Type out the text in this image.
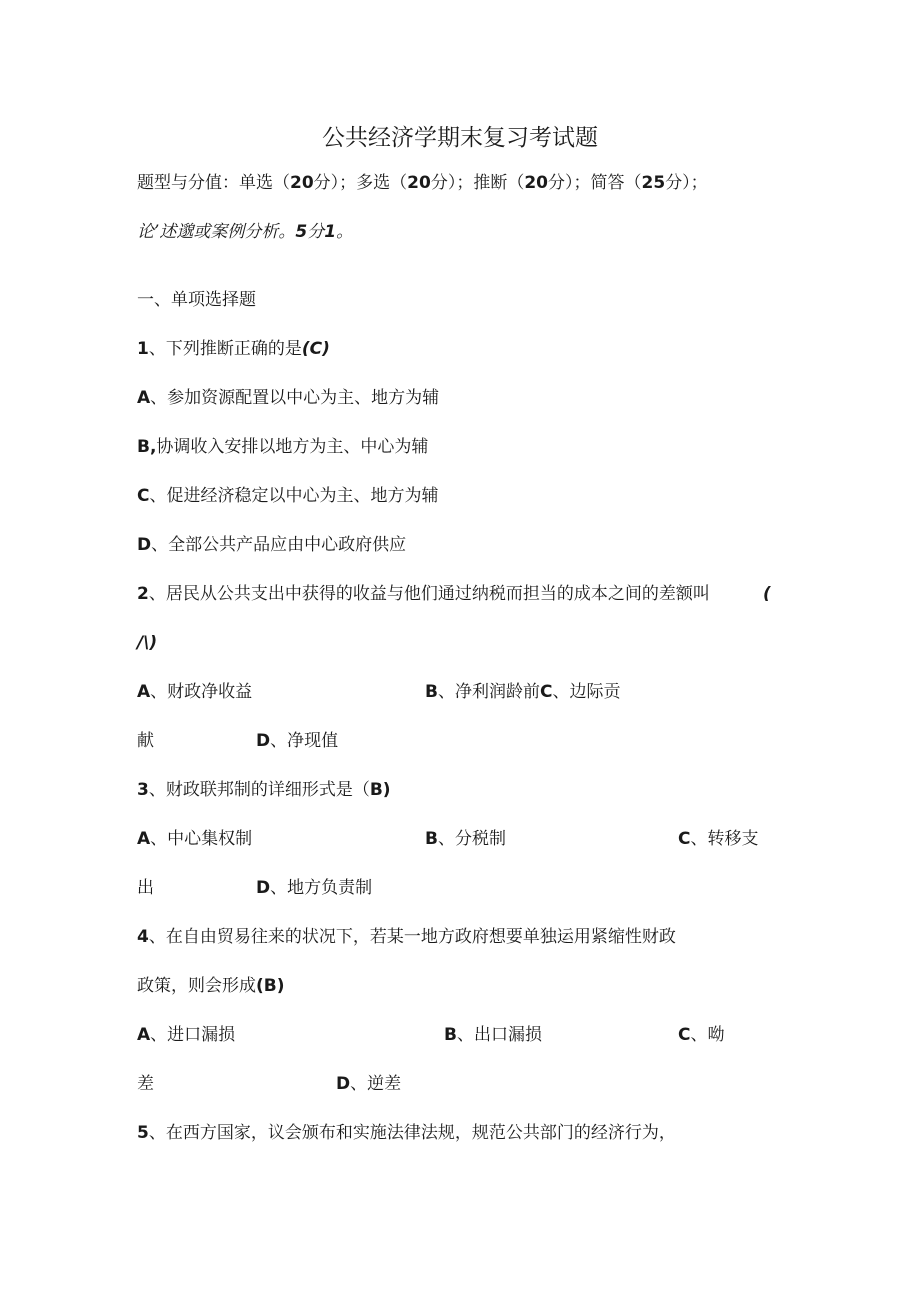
公共经济学期末复习考试题
题型与分值：单选（20分）；多选（20分）；推断（20分）；简答（25分）；
论’述邈或案例分析。5分1。
一、单项选择题
1、下列推断正确的是(C)
A、参加资源配置以中心为主、地方为辅
B,协调收入安排以地方为主、中心为辅
C、促进经济稳定以中心为主、地方为辅
D、全部公共产品应由中心政府供应
2、居民从公共支出中获得的收益与他们通过纳税而担当的成本之间的差额叫	(
/\)
A、财政净收益	B、净利润龄前C、边际贡
献	D、净现值
3、财政联邦制的详细形式是（B)
A、中心集权制	B、分税制	C、转移支
出	D、地方负责制
4、在自由贸易往来的状况下，若某一地方政府想要单独运用紧缩性财政
政策，则会形成(B)
A、进口漏损	B、出口漏损	C、呦
差	D、逆差
5、在西方国家，议会颁布和实施法律法规，规范公共部门的经济行为，
